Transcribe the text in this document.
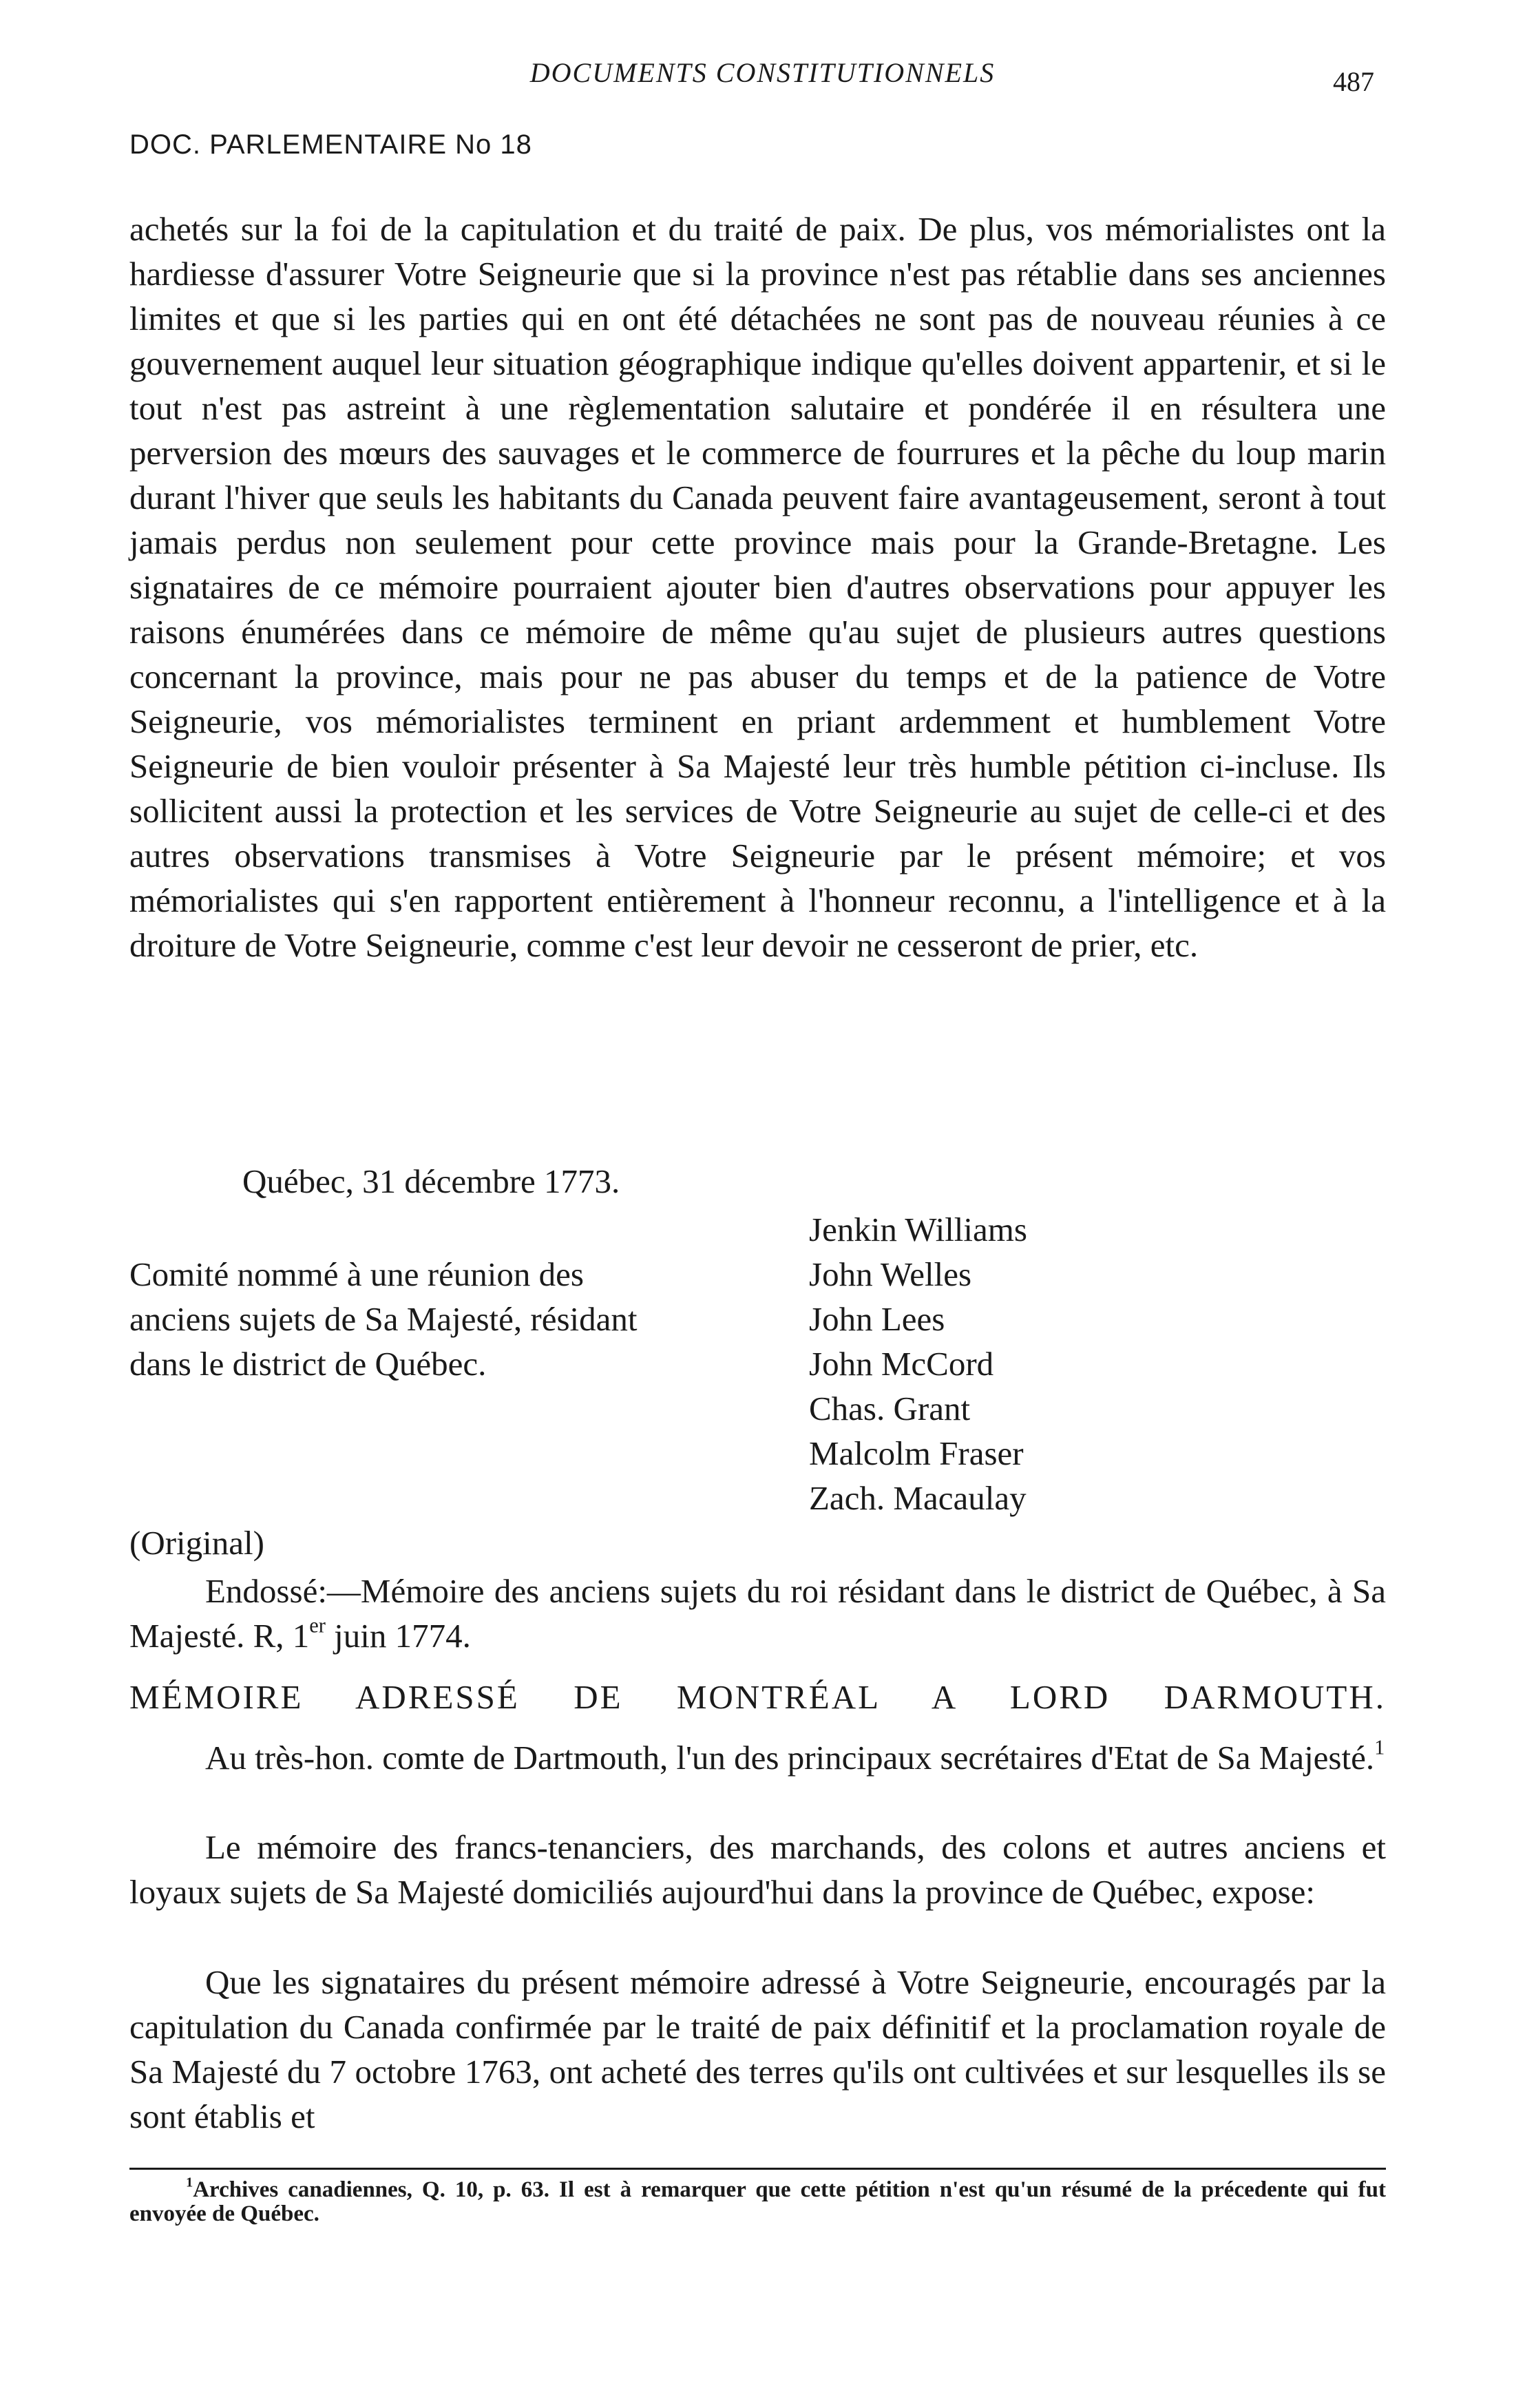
DOCUMENTS CONSTITUTIONNELS	487
DOC. PARLEMENTAIRE No 18

achetés sur la foi de la capitulation et du traité de paix. De plus, vos mémorialistes ont la hardiesse d'assurer Votre Seigneurie que si la province n'est pas rétablie dans ses anciennes limites et que si les parties qui en ont été détachées ne sont pas de nouveau réunies à ce gouvernement auquel leur situation géographique indique qu'elles doivent appartenir, et si le tout n'est pas astreint à une règlementation salutaire et pondérée il en résultera une perversion des mœurs des sauvages et le commerce de fourrures et la pêche du loup marin durant l'hiver que seuls les habitants du Canada peuvent faire avantageusement, seront à tout jamais perdus non seulement pour cette province mais pour la Grande-Bretagne. Les signataires de ce mémoire pourraient ajouter bien d'autres observations pour appuyer les raisons énumérées dans ce mémoire de même qu'au sujet de plusieurs autres questions concernant la province, mais pour ne pas abuser du temps et de la patience de Votre Seigneurie, vos mémorialistes terminent en priant ardemment et humblement Votre Seigneurie de bien vouloir présenter à Sa Majesté leur très humble pétition ci-incluse. Ils sollicitent aussi la protection et les services de Votre Seigneurie au sujet de celle-ci et des autres observations transmises à Votre Seigneurie par le présent mémoire; et vos mémorialistes qui s'en rapportent entièrement à l'honneur reconnu, a l'intelligence et à la droiture de Votre Seigneurie, comme c'est leur devoir ne cesseront de prier, etc.

Québec, 31 décembre 1773.

Comité nommé à une réunion des anciens sujets de Sa Majesté, résidant dans le district de Québec.

Jenkin Williams
John Welles
John Lees
John McCord
Chas. Grant
Malcolm Fraser
Zach. Macaulay
(Original)

Endossé:—Mémoire des anciens sujets du roi résidant dans le district de Québec, à Sa Majesté. R, 1er juin 1774.

MÉMOIRE ADRESSÉ DE MONTRÉAL A LORD DARMOUTH.

Au très-hon. comte de Dartmouth, l'un des principaux secrétaires d'Etat de Sa Majesté.$^1$

Le mémoire des francs-tenanciers, des marchands, des colons et autres anciens et loyaux sujets de Sa Majesté domiciliés aujourd'hui dans la province de Québec, expose:

Que les signataires du présent mémoire adressé à Votre Seigneurie, encouragés par la capitulation du Canada confirmée par le traité de paix définitif et la proclamation royale de Sa Majesté du 7 octobre 1763, ont acheté des terres qu'ils ont cultivées et sur lesquelles ils se sont établis et

$^1$Archives canadiennes, Q. 10, p. 63. Il est à remarquer que cette pétition n'est qu'un résumé de la précedente qui fut envoyée de Québec.
